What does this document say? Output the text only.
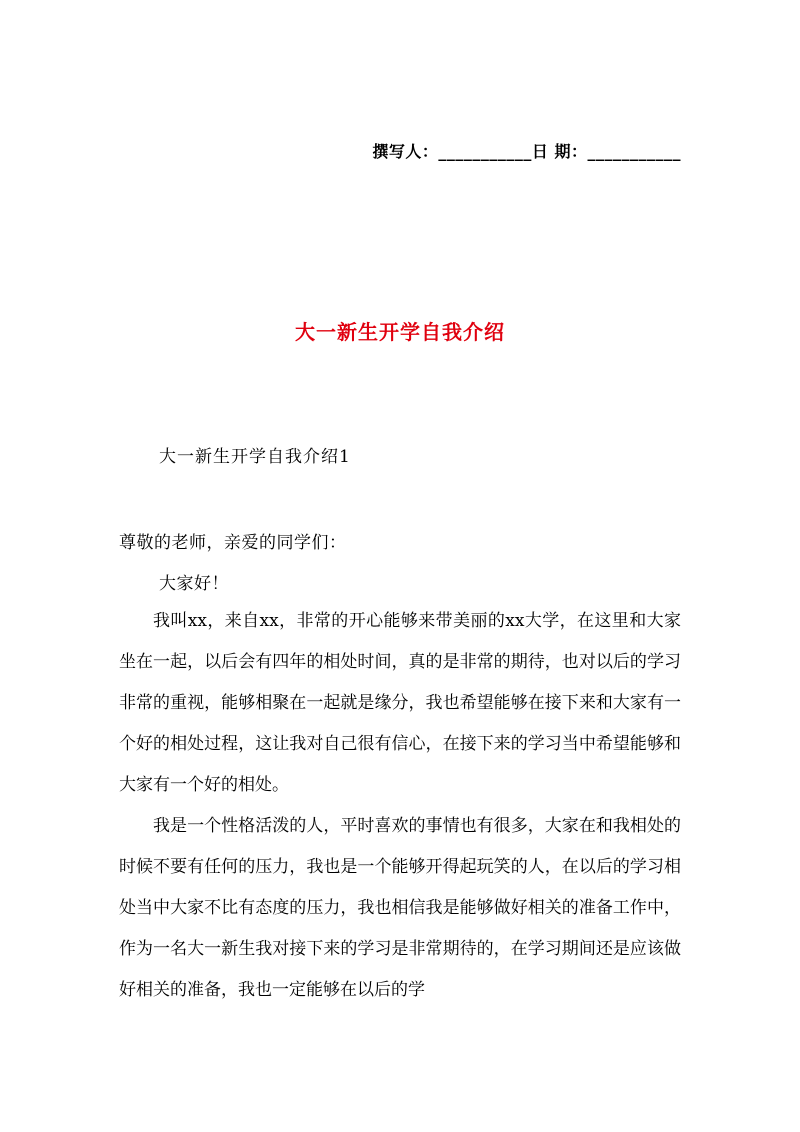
撰写人：___________日 期：___________
大一新生开学自我介绍
大一新生开学自我介绍1
尊敬的老师，亲爱的同学们：
大家好！

我叫xx，来自xx，非常的开心能够来带美丽的xx大学，在这里和大家坐在一起，以后会有四年的相处时间，真的是非常的期待，也对以后的学习非常的重视，能够相聚在一起就是缘分，我也希望能够在接下来和大家有一个好的相处过程，这让我对自己很有信心，在接下来的学习当中希望能够和大家有一个好的相处。

我是一个性格活泼的人，平时喜欢的事情也有很多，大家在和我相处的时候不要有任何的压力，我也是一个能够开得起玩笑的人，在以后的学习相处当中大家不比有态度的压力，我也相信我是能够做好相关的准备工作中，作为一名大一新生我对接下来的学习是非常期待的，在学习期间还是应该做好相关的准备，我也一定能够在以后的学
